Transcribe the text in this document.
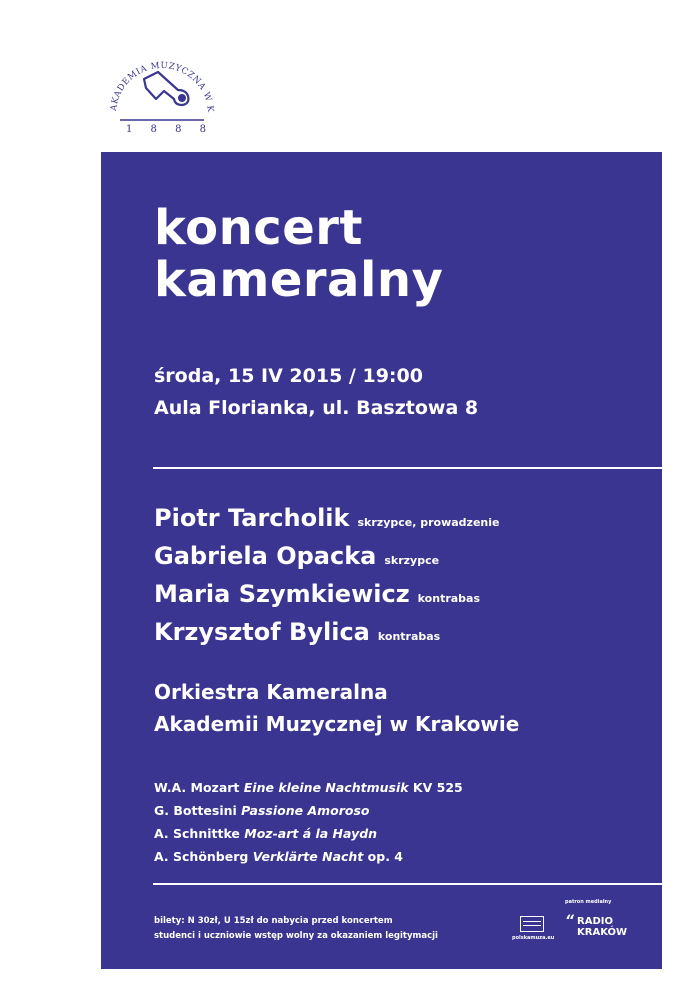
AKADEMIA MUZYCZNA W K
1 8 8 8
koncert
kameralny
środa, 15 IV 2015 / 19:00
Aula Florianka, ul. Basztowa 8
Piotr Tarcholik skrzypce, prowadzenie
Gabriela Opacka skrzypce
Maria Szymkiewicz kontrabas
Krzysztof Bylica kontrabas
Orkiestra Kameralna
Akademii Muzycznej w Krakowie
W.A. Mozart Eine kleine Nachtmusik KV 525
G. Bottesini Passione Amoroso
A. Schnittke Moz-art á la Haydn
A. Schönberg Verklärte Nacht op. 4
bilety: N 30zł, U 15zł do nabycia przed koncertem
studenci i uczniowie wstęp wolny za okazaniem legitymacji	polskamuza.eu
patron medialny
“ RADIO
KRAKÓW
